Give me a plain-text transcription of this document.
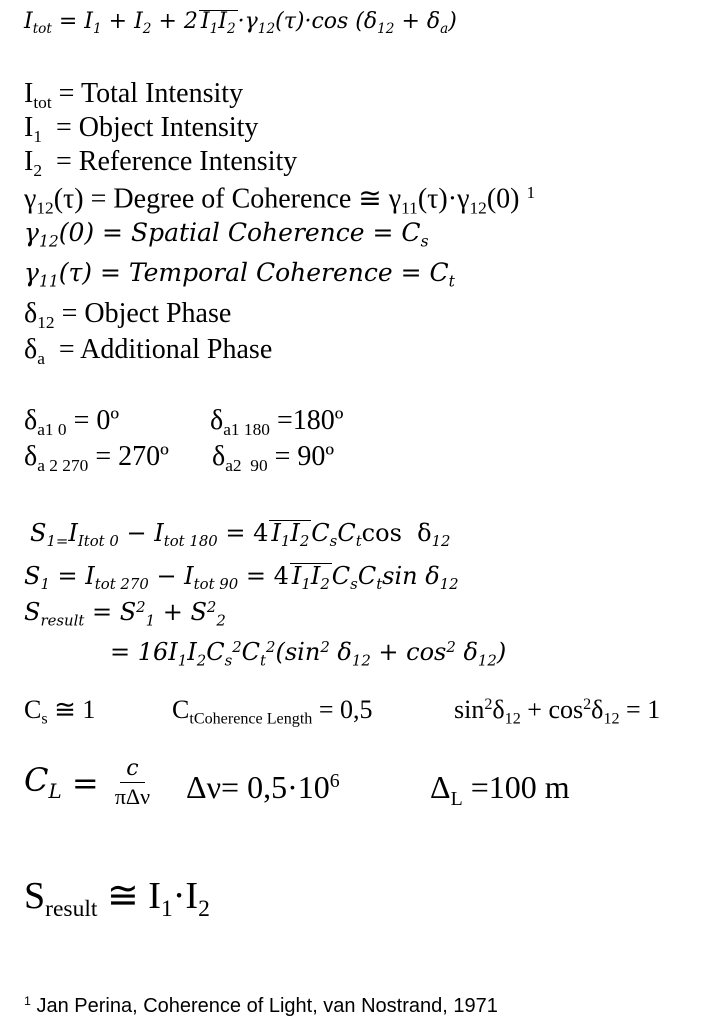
$I_{tot} = I_1 + I_2 + 2$ $I_1I_2\cdot\gamma_{12}(\tau)\cdot\cos$ $(\delta_{12} + \delta_a)$
$I_{tot}$ = Total Intensity
$I_1$  = Object Intensity
$I_2$  = Reference Intensity
$\gamma_{12}(\tau)$ = Degree of Coherence ≅ $\gamma_{11}(\tau)\cdot\gamma_{12}(0)$ $^1$
$\gamma_{12}(0)$ = Spatial Coherence = $C_s$
$\gamma_{11}(\tau)$ = Temporal Coherence = $C_t$
$\delta_{12}$ = Object Phase
$\delta_a$  = Additional Phase
$\delta_{a1 0}$ = 0º	$\delta_{a1 180}$ =180º
$\delta_{a 2 270}$ = 270º $\delta_{a2 90}$ = 90º
$S_{1=}I_{Itot 0} - I_{tot 180} = 4$ $I_1I_2C_sC_t\cos$  $\delta_{12}$
$S_1 = I_{tot 270} - I_{tot 90} = 4$ $I_1I_2C_sC_t\sin$ $\delta_{12}$
$S_{result} = S^2_1 + S^2_2$
= $16I_1I_2C_s^2C_t^2(\sin^2$ $\delta_{12} + \cos^2 \delta_{12}$)
$C_s$ ≅ 1	$C_{tCoherence Length} = 0,5$	$\sin^2\delta_{12} + \cos^2\delta_{12} = 1$
$C_L = \frac{c}{\text{πΔν}} \Delta\nu= 0,5\cdot 10^6$	$\Delta_L =100$ m
$S_{result}$ ≅ $I_1\cdot I_2$
$^1$ Jan Perina, Coherence of Light, van Nostrand, 1971
